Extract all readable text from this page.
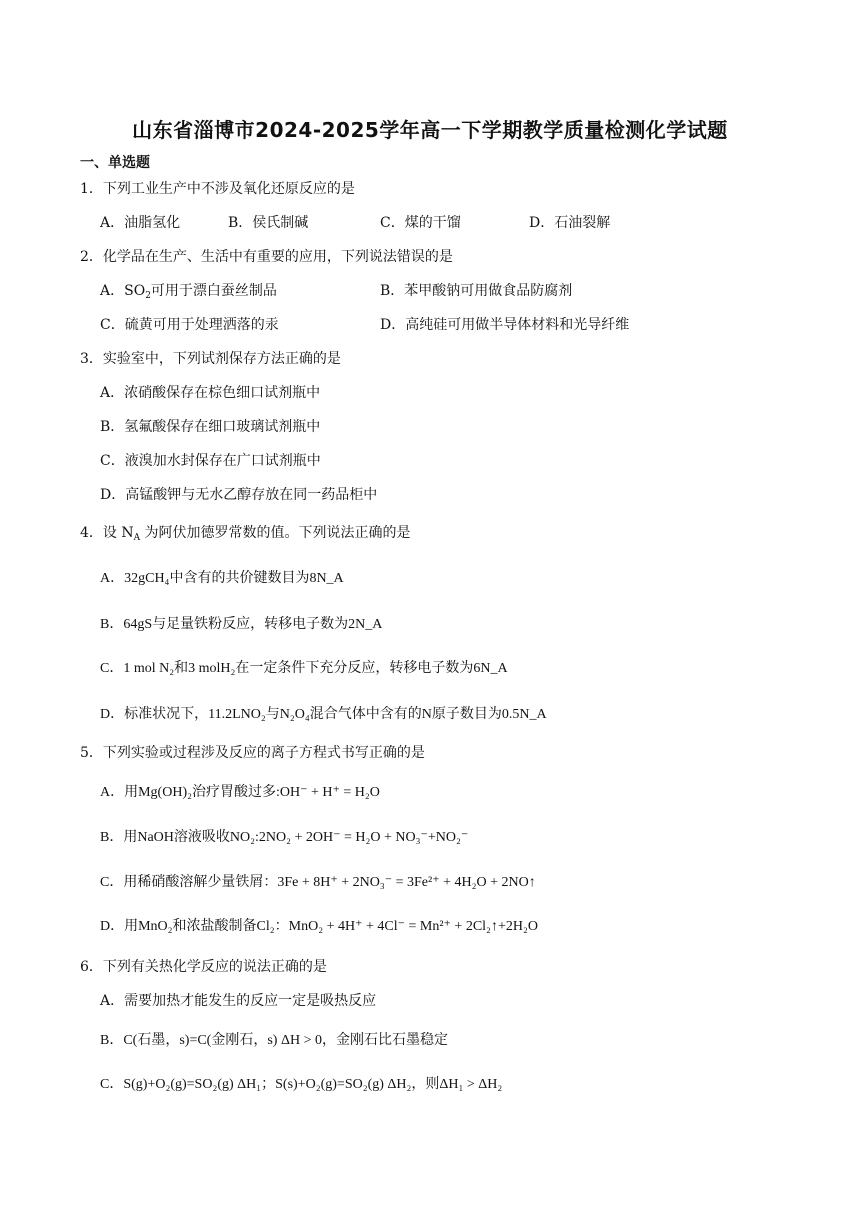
山东省淄博市2024-2025学年高一下学期教学质量检测化学试题
一、单选题
1．下列工业生产中不涉及氧化还原反应的是
A．油脂氢化	B．侯氏制碱	C．煤的干馏	D．石油裂解
2．化学品在生产、生活中有重要的应用，下列说法错误的是
A．$SO_2$可用于漂白蚕丝制品	B．苯甲酸钠可用做食品防腐剂
C．硫黄可用于处理洒落的汞	D．高纯硅可用做半导体材料和光导纤维
3．实验室中，下列试剂保存方法正确的是
A．浓硝酸保存在棕色细口试剂瓶中
B．氢氟酸保存在细口玻璃试剂瓶中
C．液溴加水封保存在广口试剂瓶中
D．高锰酸钾与无水乙醇存放在同一药品柜中
4．设 $N_A$ 为阿伏加德罗常数的值。下列说法正确的是
A．32gCH₄中含有的共价键数目为8N_A
B．64gS与足量铁粉反应，转移电子数为2N_A
C．1 mol N₂和3 molH₂在一定条件下充分反应，转移电子数为6N_A
D．标准状况下，11.2LNO₂与N₂O₄混合气体中含有的N原子数目为0.5N_A
5．下列实验或过程涉及反应的离子方程式书写正确的是
A．用Mg(OH)₂治疗胃酸过多:OH⁻ + H⁺ = H₂O
B．用NaOH溶液吸收NO₂:2NO₂ + 2OH⁻ = H₂O + NO₃⁻+NO₂⁻
C．用稀硝酸溶解少量铁屑：3Fe + 8H⁺ + 2NO₃⁻ = 3Fe²⁺ + 4H₂O + 2NO↑
D．用MnO₂和浓盐酸制备Cl₂：MnO₂ + 4H⁺ + 4Cl⁻ = Mn²⁺ + 2Cl₂↑+2H₂O
6．下列有关热化学反应的说法正确的是
A．需要加热才能发生的反应一定是吸热反应
B．C(石墨，s)=C(金刚石，s) ΔH > 0，金刚石比石墨稳定
C．S(g)+O₂(g)=SO₂(g) ΔH₁；S(s)+O₂(g)=SO₂(g) ΔH₂，则ΔH₁ > ΔH₂
